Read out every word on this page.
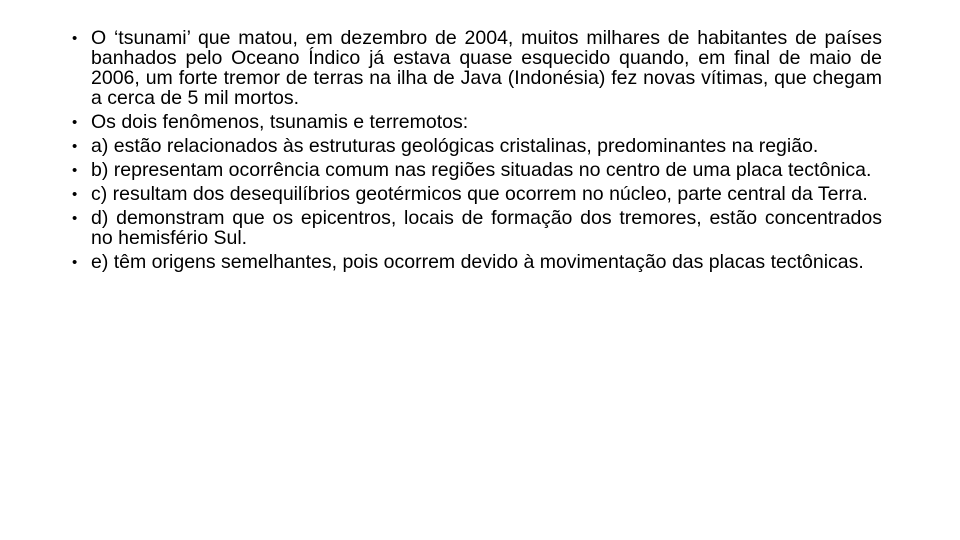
• O ‘tsunami’ que matou, em dezembro de 2004, muitos milhares de habitantes de países banhados pelo Oceano Índico já estava quase esquecido quando, em final de maio de 2006, um forte tremor de terras na ilha de Java (Indonésia) fez novas vítimas, que chegam a cerca de 5 mil mortos.
• Os dois fenômenos, tsunamis e terremotos:
• a) estão relacionados às estruturas geológicas cristalinas, predominantes na região.
• b) representam ocorrência comum nas regiões situadas no centro de uma placa tectônica.
• c) resultam dos desequilíbrios geotérmicos que ocorrem no núcleo, parte central da Terra.
• d) demonstram que os epicentros, locais de formação dos tremores, estão concentrados no hemisfério Sul.
• e) têm origens semelhantes, pois ocorrem devido à movimentação das placas tectônicas.
